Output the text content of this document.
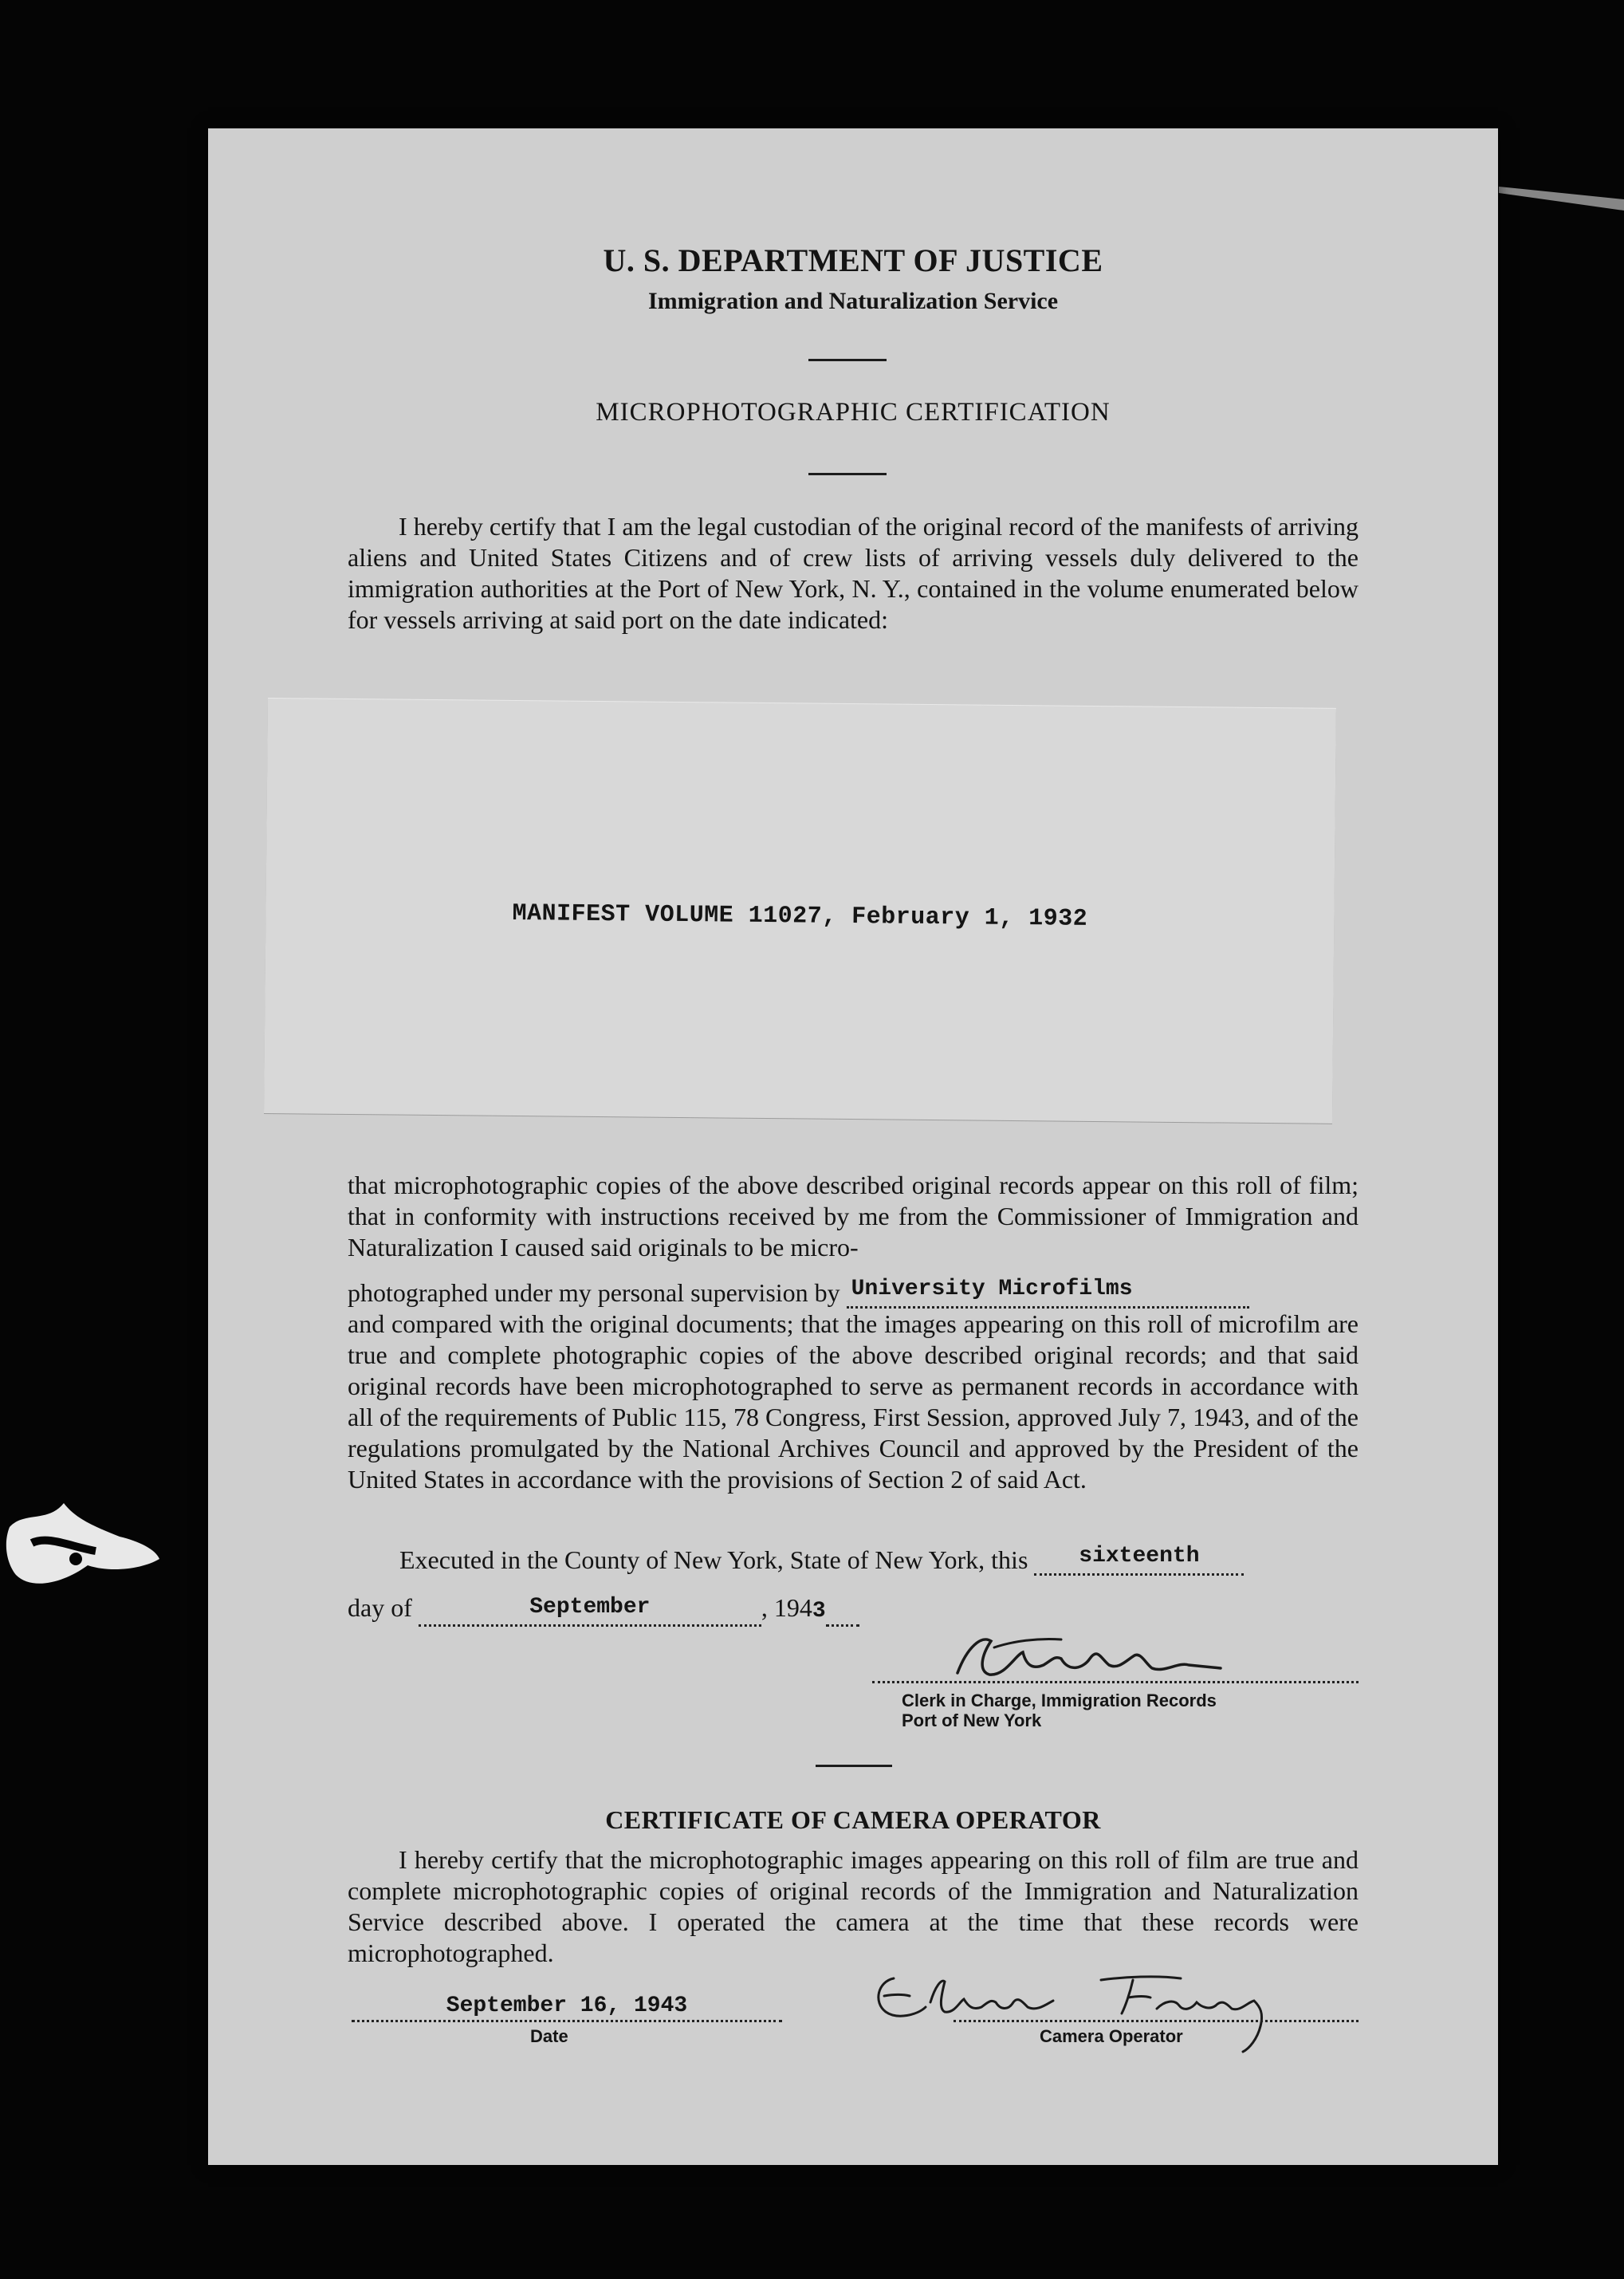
U. S. DEPARTMENT OF JUSTICE
Immigration and Naturalization Service
MICROPHOTOGRAPHIC CERTIFICATION

I hereby certify that I am the legal custodian of the original record of the manifests of arriving aliens and United States Citizens and of crew lists of arriving vessels duly delivered to the immigration authorities at the Port of New York, N. Y., contained in the volume enumerated below for vessels arriving at said port on the date indicated:

MANIFEST VOLUME 11027, February 1, 1932

that microphotographic copies of the above described original records appear on this roll of film; that in conformity with instructions received by me from the Commissioner of Immigration and Naturalization I caused said originals to be micro-

photographed under my personal supervision by University Microfilms

and compared with the original documents; that the images appearing on this roll of microfilm are true and complete photographic copies of the above described original records; and that said original records have been microphotographed to serve as permanent records in accordance with all of the requirements of Public 115, 78 Congress, First Session, approved July 7, 1943, and of the regulations promulgated by the National Archives Council and approved by the President of the United States in accordance with the provisions of Section 2 of said Act.

Executed in the County of New York, State of New York, this	sixteenth
day of	September	, 1943
Clerk in Charge, Immigration Records
Port of New York
CERTIFICATE OF CAMERA OPERATOR

I hereby certify that the microphotographic images appearing on this roll of film are true and complete microphotographic copies of original records of the Immigration and Naturalization Service described above. I operated the camera at the time that these records were microphotographed.

September 16, 1943
Date	Camera Operator
